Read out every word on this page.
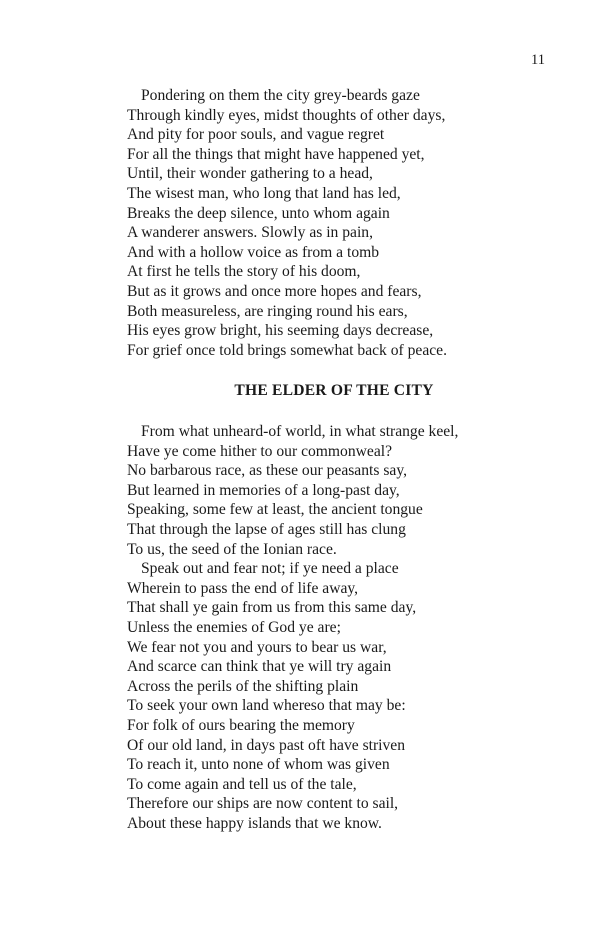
11
Pondering on them the city grey-beards gaze
Through kindly eyes, midst thoughts of other days,
And pity for poor souls, and vague regret
For all the things that might have happened yet,
Until, their wonder gathering to a head,
The wisest man, who long that land has led,
Breaks the deep silence, unto whom again
A wanderer answers. Slowly as in pain,
And with a hollow voice as from a tomb
At first he tells the story of his doom,
But as it grows and once more hopes and fears,
Both measureless, are ringing round his ears,
His eyes grow bright, his seeming days decrease,
For grief once told brings somewhat back of peace.
THE ELDER OF THE CITY
From what unheard-of world, in what strange keel,
Have ye come hither to our commonweal?
No barbarous race, as these our peasants say,
But learned in memories of a long-past day,
Speaking, some few at least, the ancient tongue
That through the lapse of ages still has clung
To us, the seed of the Ionian race.
Speak out and fear not; if ye need a place
Wherein to pass the end of life away,
That shall ye gain from us from this same day,
Unless the enemies of God ye are;
We fear not you and yours to bear us war,
And scarce can think that ye will try again
Across the perils of the shifting plain
To seek your own land whereso that may be:
For folk of ours bearing the memory
Of our old land, in days past oft have striven
To reach it, unto none of whom was given
To come again and tell us of the tale,
Therefore our ships are now content to sail,
About these happy islands that we know.
